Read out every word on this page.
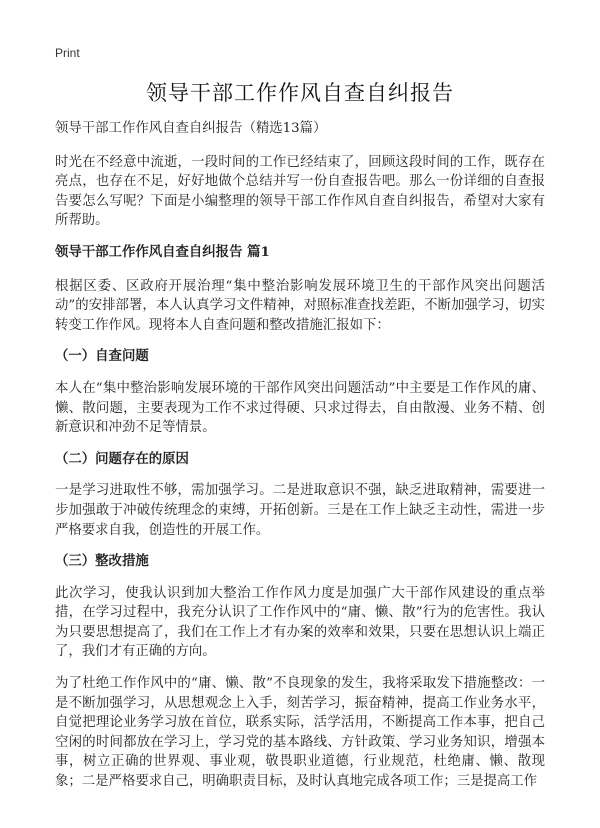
Print
领导干部工作作风自查自纠报告

领导干部工作作风自查自纠报告（精选13篇）

时光在不经意中流逝，一段时间的工作已经结束了，回顾这段时间的工作，既存在亮点，也存在不足，好好地做个总结并写一份自查报告吧。那么一份详细的自查报告要怎么写呢？下面是小编整理的领导干部工作作风自查自纠报告，希望对大家有所帮助。

领导干部工作作风自查自纠报告 篇1

根据区委、区政府开展治理“集中整治影响发展环境卫生的干部作风突出问题活动”的安排部署，本人认真学习文件精神，对照标准查找差距，不断加强学习，切实转变工作作风。现将本人自查问题和整改措施汇报如下：

（一）自查问题

本人在“集中整治影响发展环境的干部作风突出问题活动”中主要是工作作风的庸、懒、散问题，主要表现为工作不求过得硬、只求过得去，自由散漫、业务不精、创新意识和冲劲不足等情景。

（二）问题存在的原因

一是学习进取性不够，需加强学习。二是进取意识不强，缺乏进取精神，需要进一步加强敢于冲破传统理念的束缚，开拓创新。三是在工作上缺乏主动性，需进一步严格要求自我，创造性的开展工作。

（三）整改措施

此次学习，使我认识到加大整治工作作风力度是加强广大干部作风建设的重点举措，在学习过程中，我充分认识了工作作风中的“庸、懒、散”行为的危害性。我认为只要思想提高了，我们在工作上才有办案的效率和效果，只要在思想认识上端正了，我们才有正确的方向。

为了杜绝工作作风中的“庸、懒、散”不良现象的发生，我将采取发下措施整改：一是不断加强学习，从思想观念上入手，刻苦学习，振奋精神，提高工作业务水平，自觉把理论业务学习放在首位，联系实际，活学活用，不断提高工作本事，把自己空闲的时间都放在学习上，学习党的基本路线、方针政策、学习业务知识，增强本事，树立正确的世界观、事业观，敬畏职业道德，行业规范，杜绝庸、懒、散现象；二是严格要求自己，明确职责目标，及时认真地完成各项工作；三是提高工作
